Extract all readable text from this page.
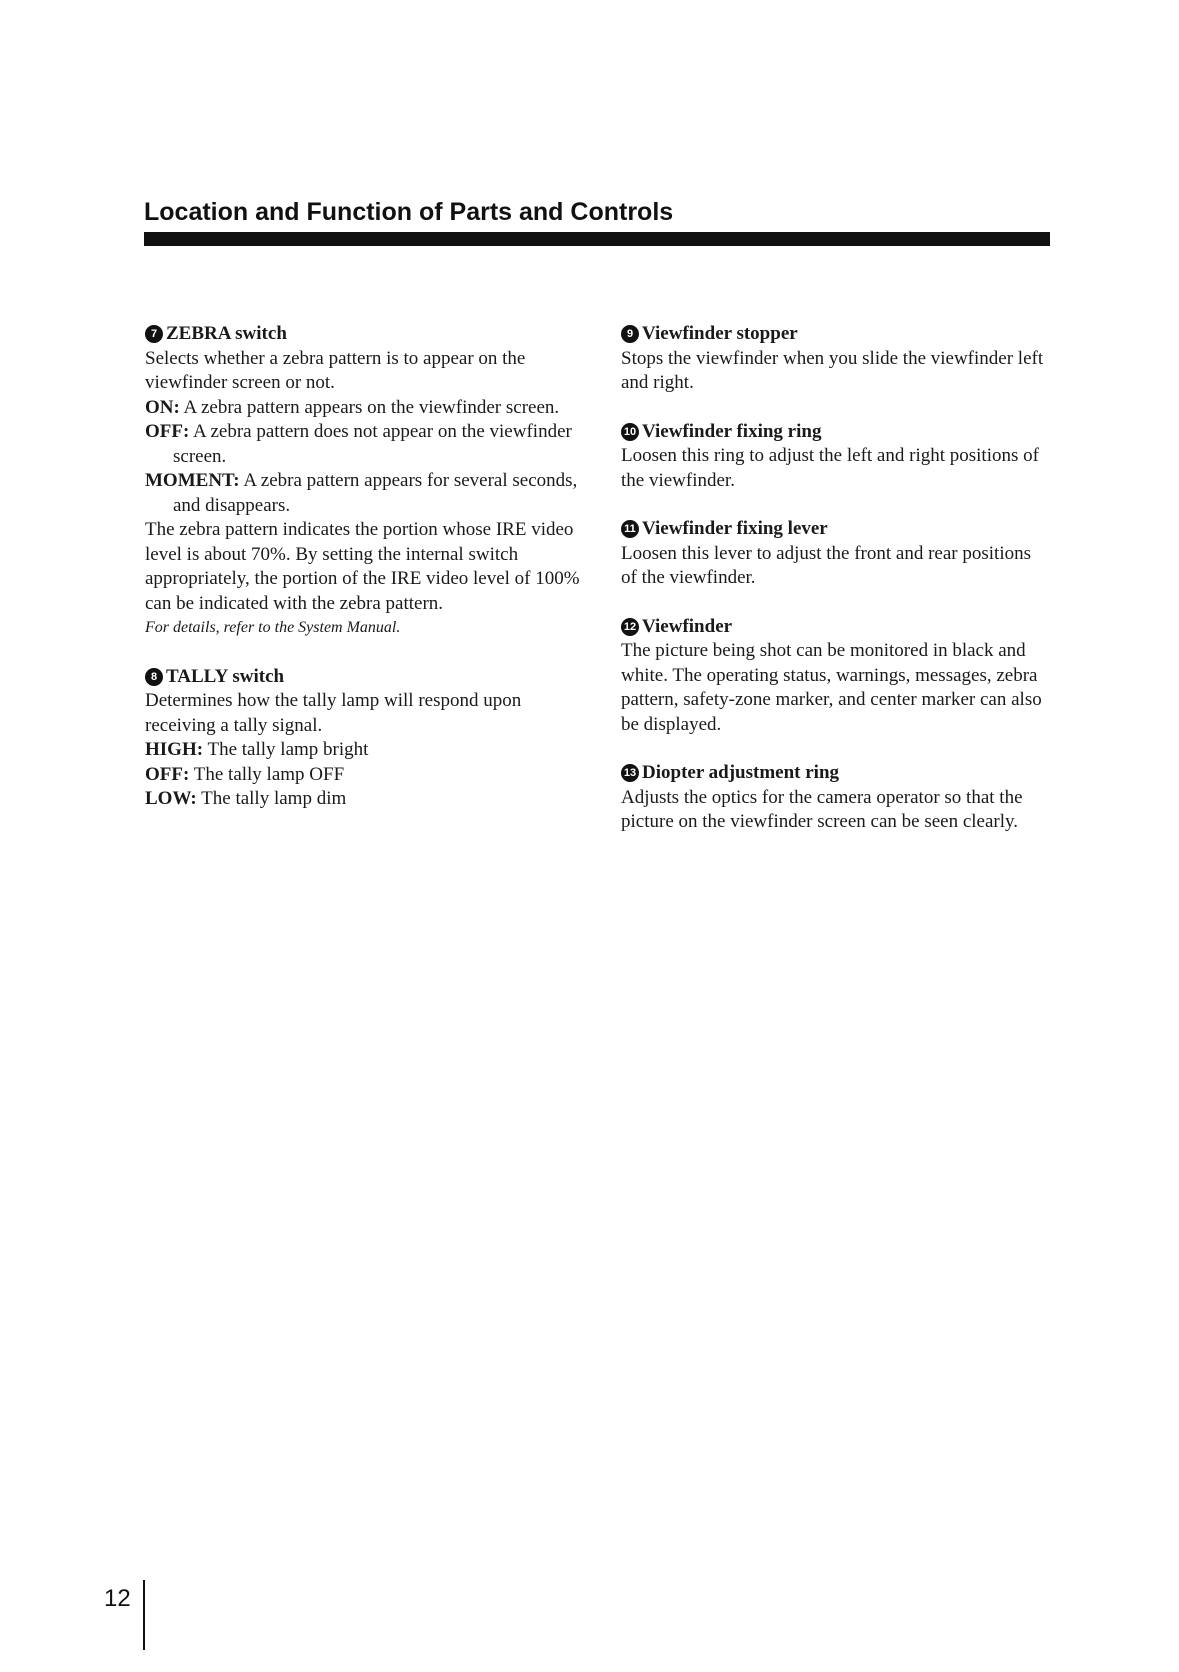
Location and Function of Parts and Controls
7 ZEBRA switch

Selects whether a zebra pattern is to appear on the viewfinder screen or not.

ON: A zebra pattern appears on the viewfinder screen.

OFF: A zebra pattern does not appear on the viewfinder screen.

MOMENT: A zebra pattern appears for several seconds, and disappears.

The zebra pattern indicates the portion whose IRE video level is about 70%. By setting the internal switch appropriately, the portion of the IRE video level of 100% can be indicated with the zebra pattern.

For details, refer to the System Manual.

8 TALLY switch

Determines how the tally lamp will respond upon receiving a tally signal.

HIGH: The tally lamp bright

OFF: The tally lamp OFF

LOW: The tally lamp dim

9 Viewfinder stopper

Stops the viewfinder when you slide the viewfinder left and right.

10 Viewfinder fixing ring

Loosen this ring to adjust the left and right positions of the viewfinder.

11 Viewfinder fixing lever

Loosen this lever to adjust the front and rear positions of the viewfinder.

12 Viewfinder

The picture being shot can be monitored in black and white. The operating status, warnings, messages, zebra pattern, safety-zone marker, and center marker can also be displayed.

13 Diopter adjustment ring

Adjusts the optics for the camera operator so that the picture on the viewfinder screen can be seen clearly.

12
